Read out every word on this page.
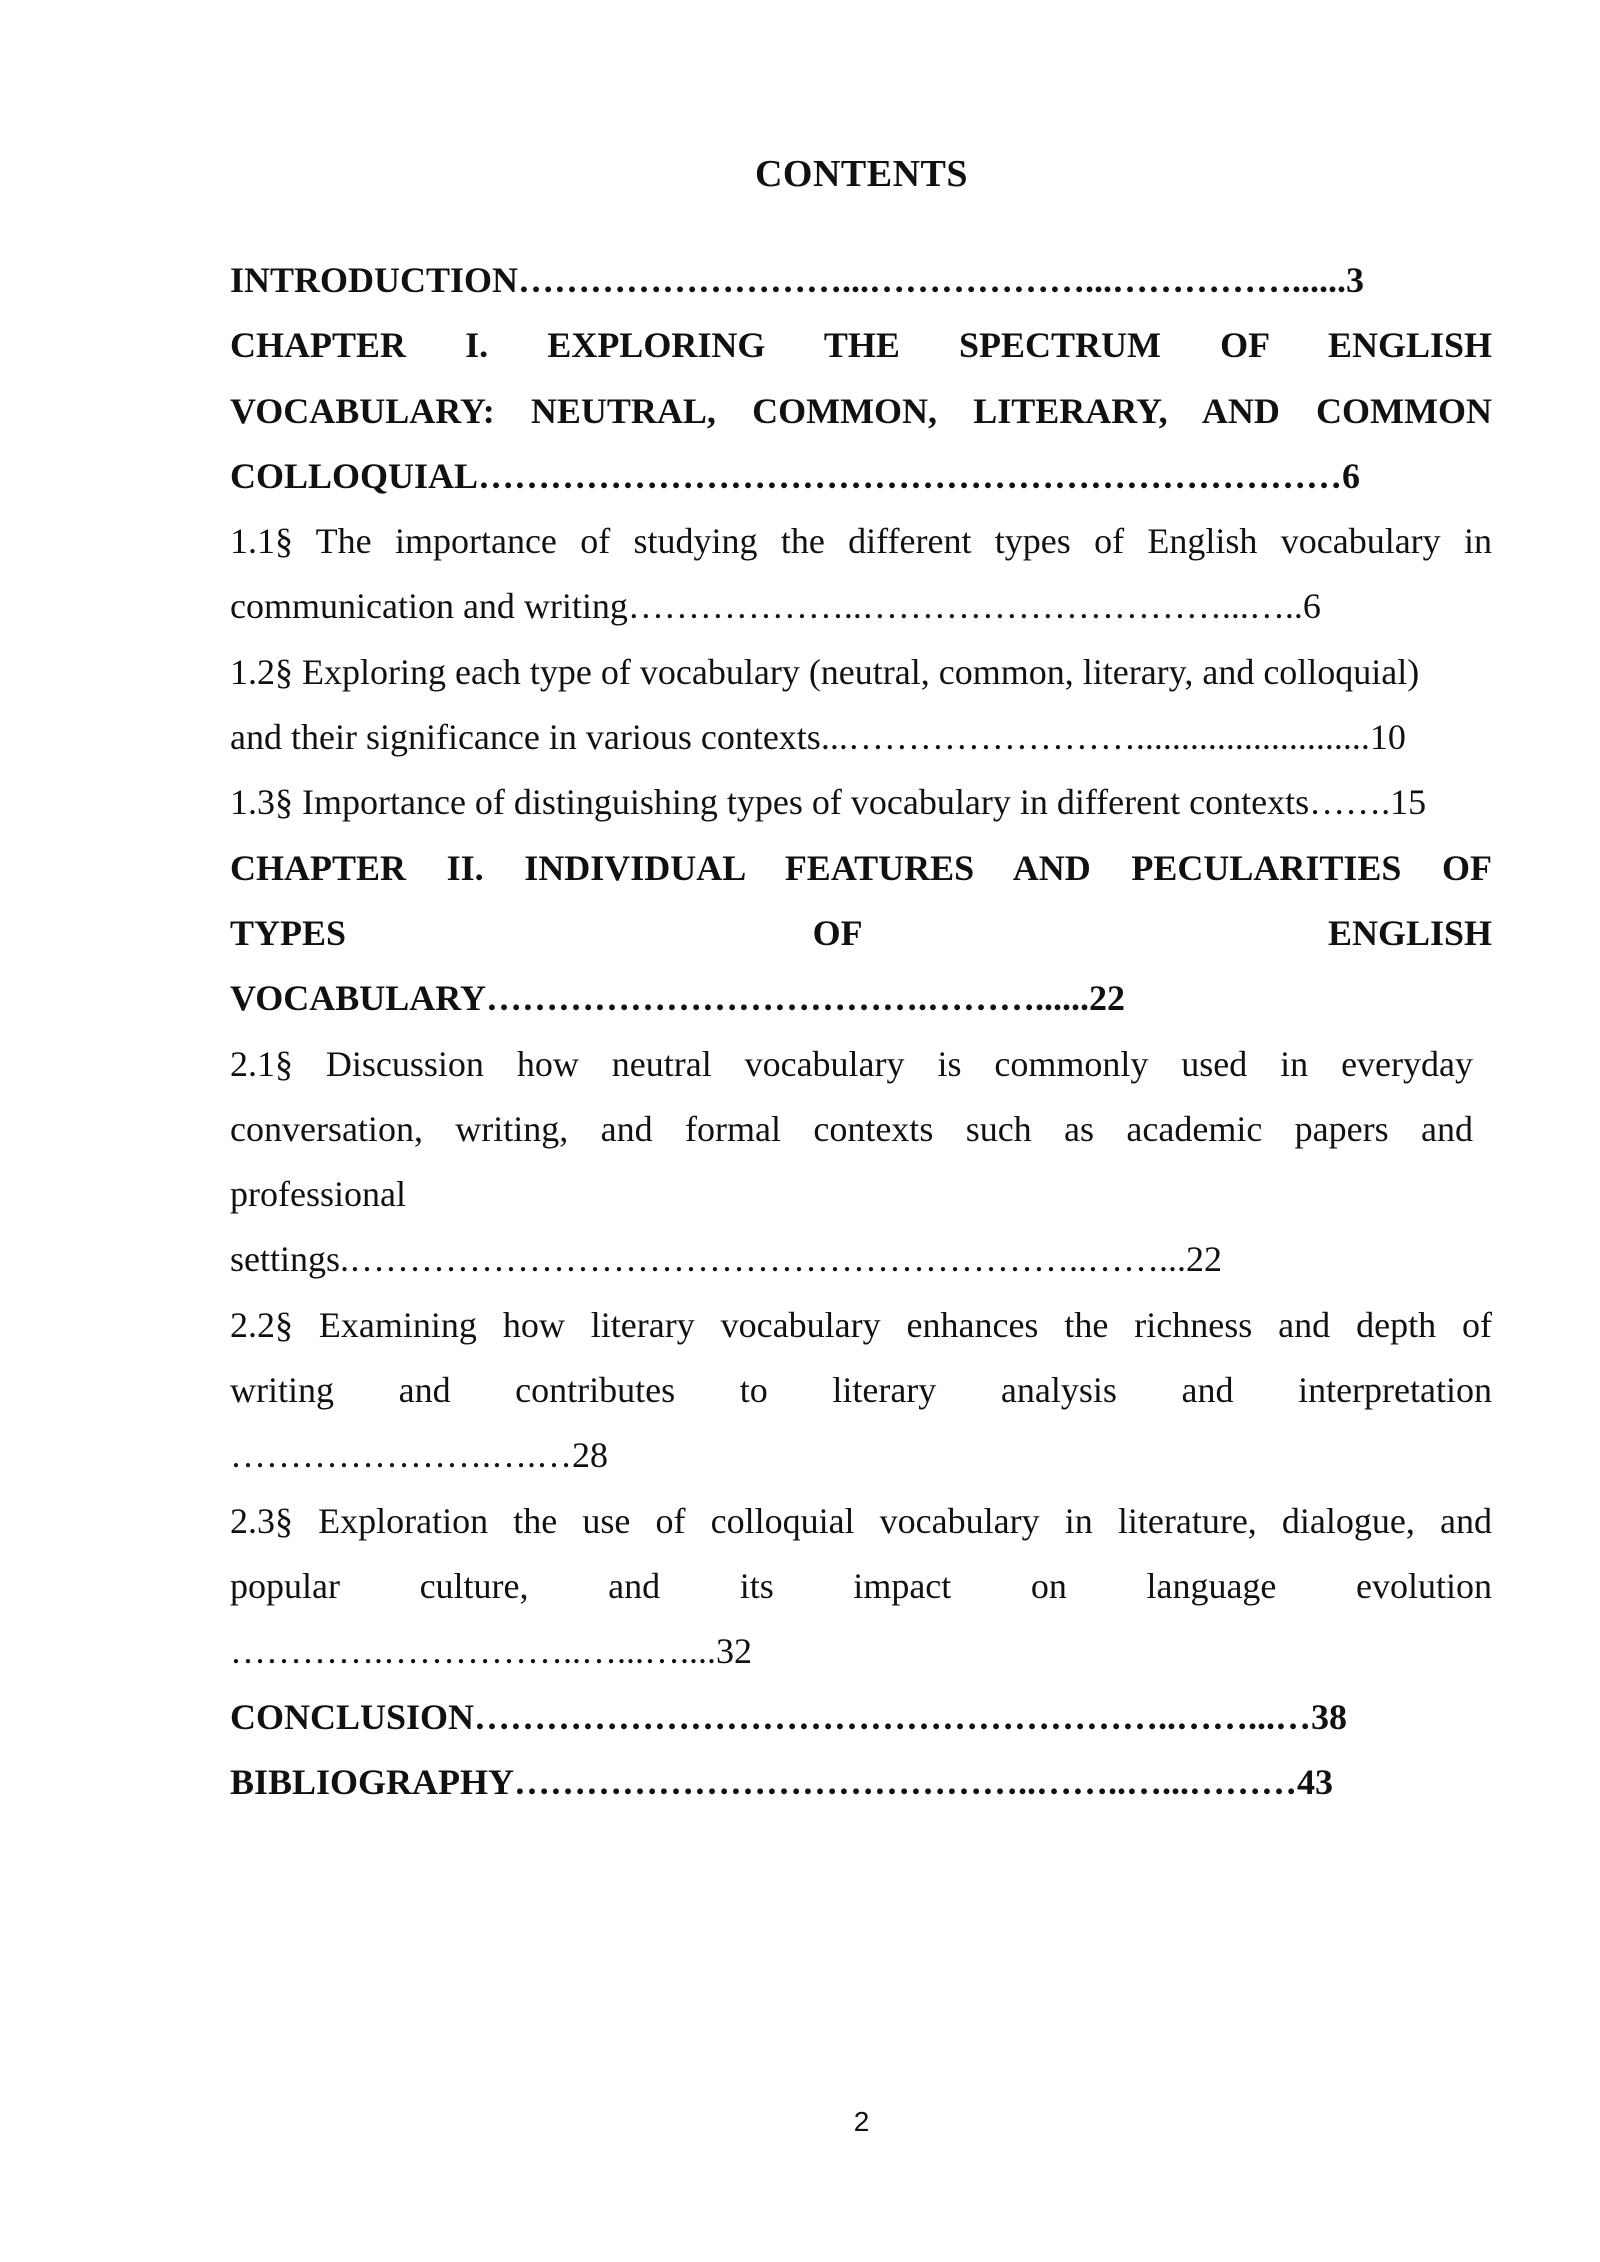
CONTENTS
INTRODUCTION………………………...………………...……………......3
CHAPTER I. EXPLORING THE SPECTRUM OF ENGLISH
VOCABULARY: NEUTRAL, COMMON, LITERARY, AND COMMON
COLLOQUIAL………………………………………………………………6
1.1§ The importance of studying the different types of English vocabulary in
communication and writing………………..…………………………...…..6
1.2§ Exploring each type of vocabulary (neutral, common, literary, and colloquial)
and their significance in various contexts...……………………..........................10
1.3§ Importance of distinguishing types of vocabulary in different contexts…….15
CHAPTER II. INDIVIDUAL FEATURES AND PECULARITIES OF
TYPES OF ENGLISH
VOCABULARY……………………………….………......22
2.1§ Discussion how neutral vocabulary is commonly used in everyday
conversation, writing, and formal contexts such as academic papers and
professional
settings.……………………………………………………..……...22
2.2§ Examining how literary vocabulary enhances the richness and depth of
writing and contributes to literary analysis and interpretation
………………….….…28
2.3§ Exploration the use of colloquial vocabulary in literature, dialogue, and
popular culture, and its impact on language evolution
………….……………..…...…....32
CONCLUSION…………………………………………………..……...…38
BIBLIOGRAPHY……………………………………..……..…...………43
2
